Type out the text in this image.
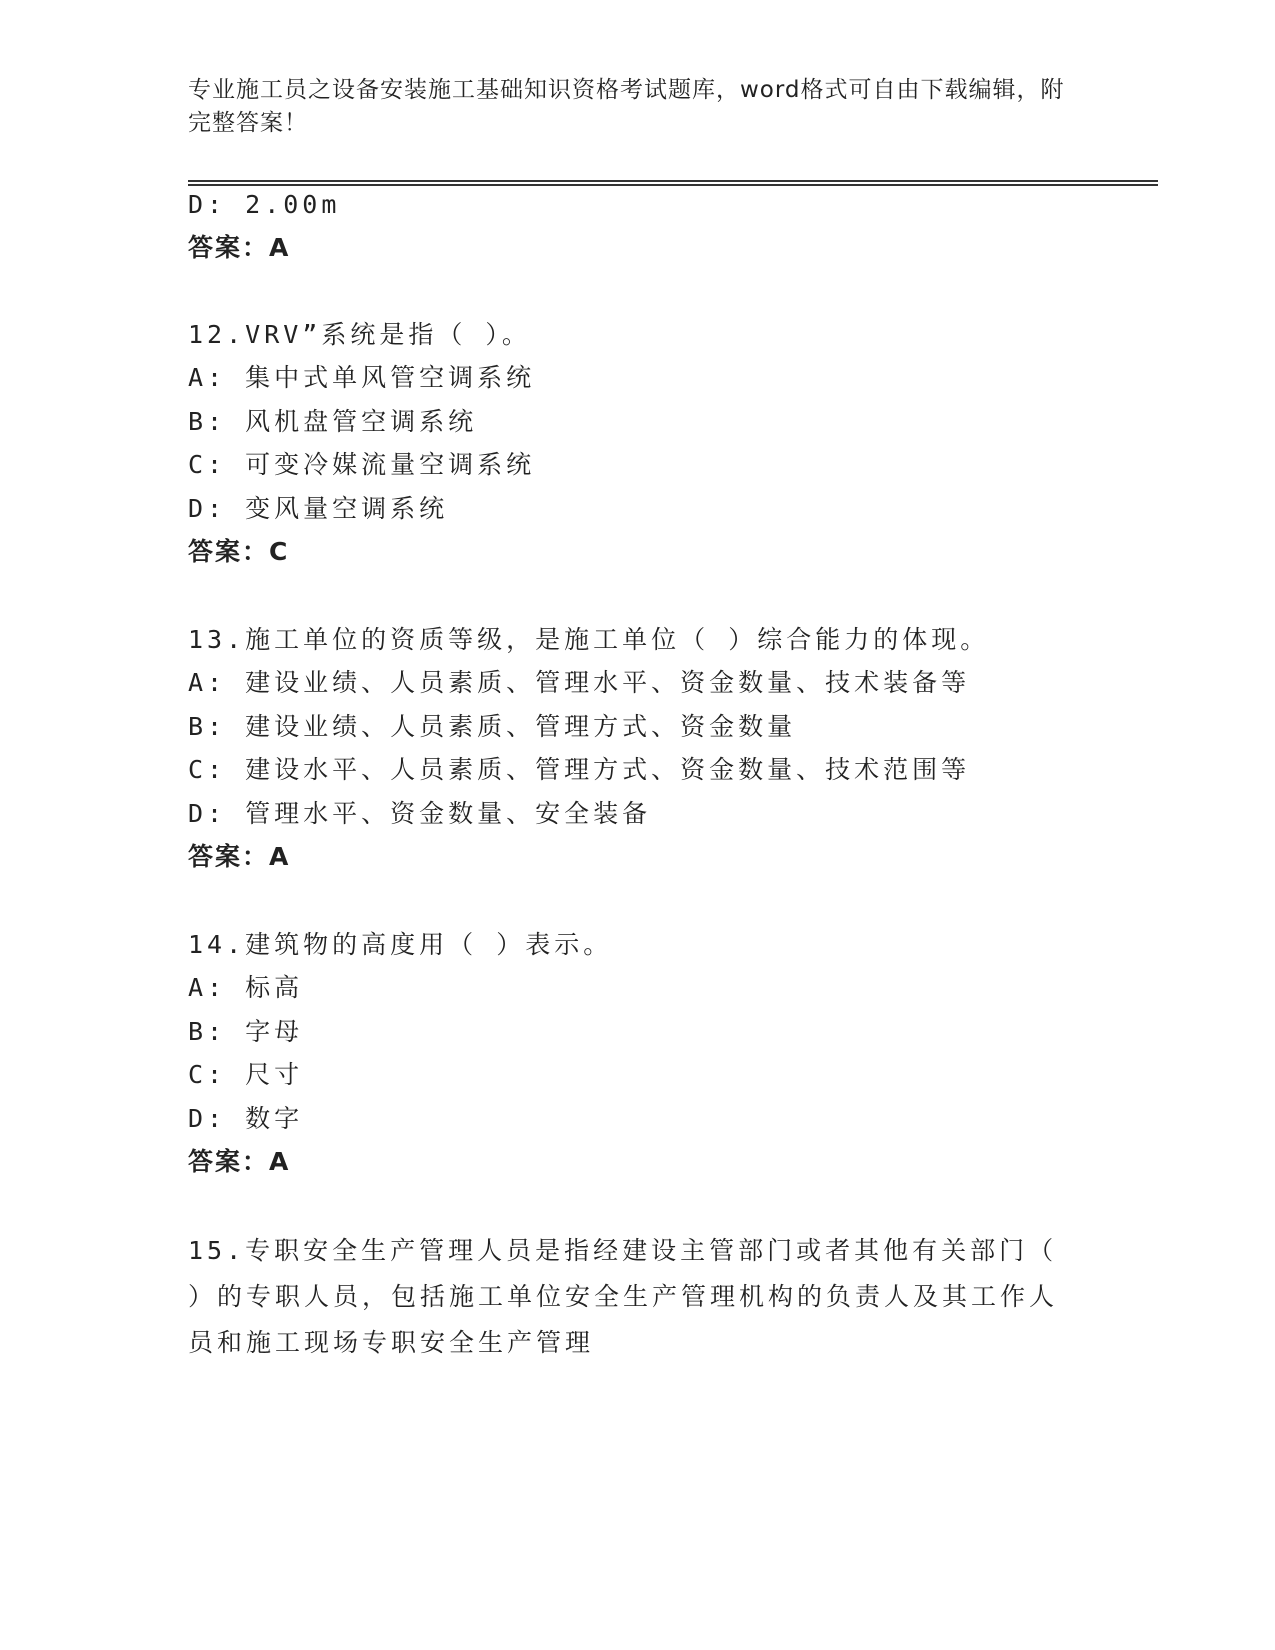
专业施工员之设备安装施工基础知识资格考试题库，word格式可自由下载编辑，附完整答案！
D: 2.00m
答案：A
12.VRV”系统是指（ ）。
A: 集中式单风管空调系统
B: 风机盘管空调系统
C: 可变冷媒流量空调系统
D: 变风量空调系统
答案：C
13.施工单位的资质等级，是施工单位（ ）综合能力的体现。
A: 建设业绩、人员素质、管理水平、资金数量、技术装备等
B: 建设业绩、人员素质、管理方式、资金数量
C: 建设水平、人员素质、管理方式、资金数量、技术范围等
D: 管理水平、资金数量、安全装备
答案：A
14.建筑物的高度用（ ）表示。
A: 标高
B: 字母
C: 尺寸
D: 数字
答案：A
15.专职安全生产管理人员是指经建设主管部门或者其他有关部门（ ）的专职人员，包括施工单位安全生产管理机构的负责人及其工作人员和施工现场专职安全生产管理
